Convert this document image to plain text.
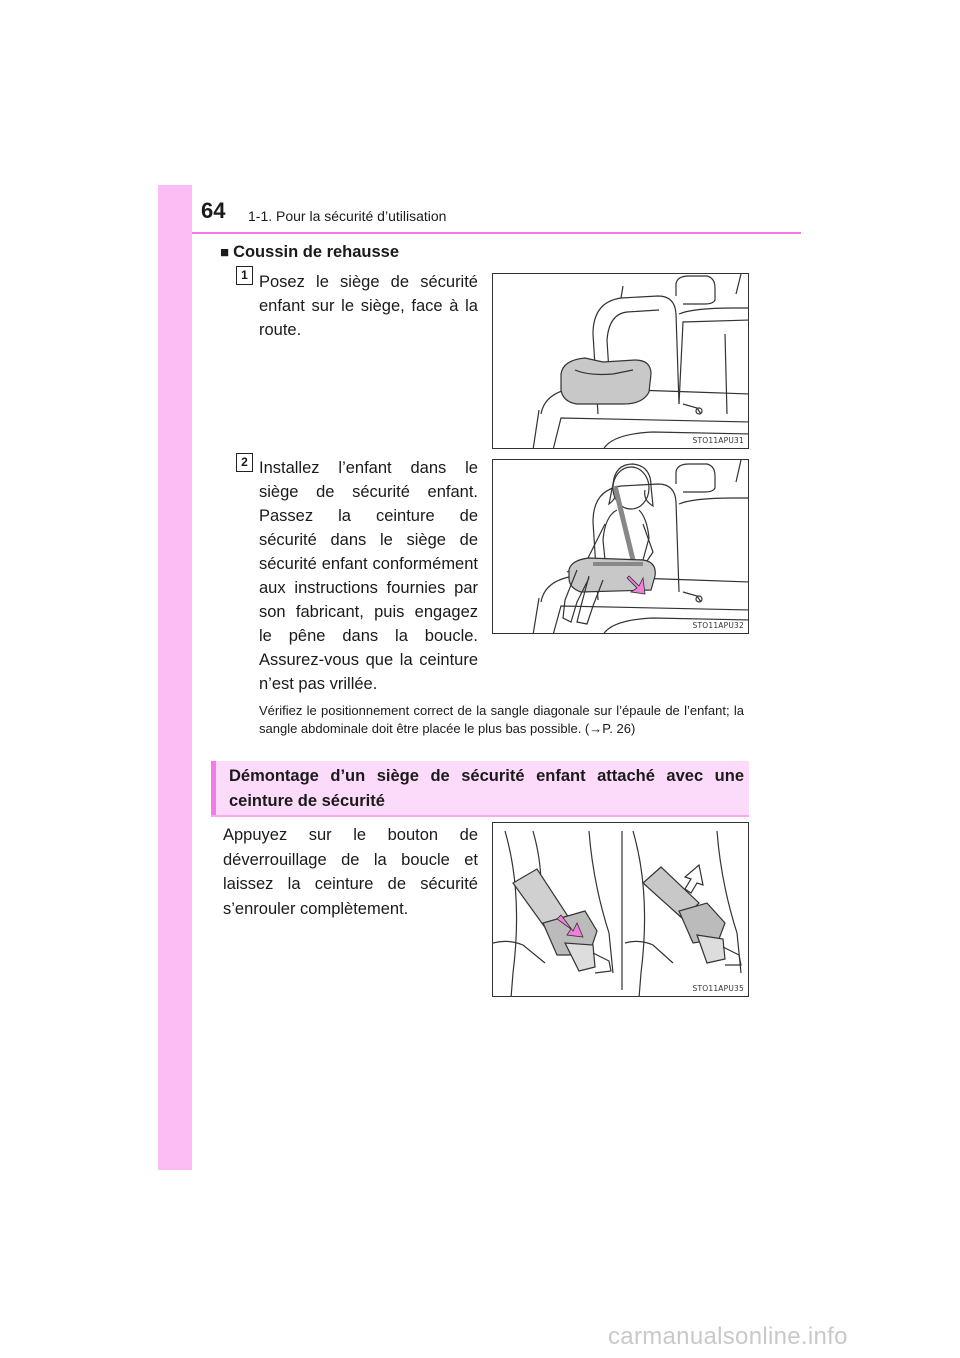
64 1-1. Pour la sécurité d’utilisation
■ Coussin de rehausse
1 Posez le siège de sécurité enfant sur le siège, face à la route.
STO11APU31
2 Installez l’enfant dans le siège de sécurité enfant. Passez la ceinture de sécurité dans le siège de sécurité enfant conformément aux instructions fournies par son fabricant, puis engagez le pêne dans la boucle. Assurez-vous que la ceinture n’est pas vrillée.
STO11APU32
Vérifiez le positionnement correct de la sangle diagonale sur l’épaule de l’enfant; la sangle abdominale doit être placée le plus bas possible. (→P. 26)
Démontage d’un siège de sécurité enfant attaché avec une ceinture de sécurité
Appuyez sur le bouton de déverrouillage de la boucle et laissez la ceinture de sécurité s’enrouler complètement.
STO11APU35
carmanualsonline.info
